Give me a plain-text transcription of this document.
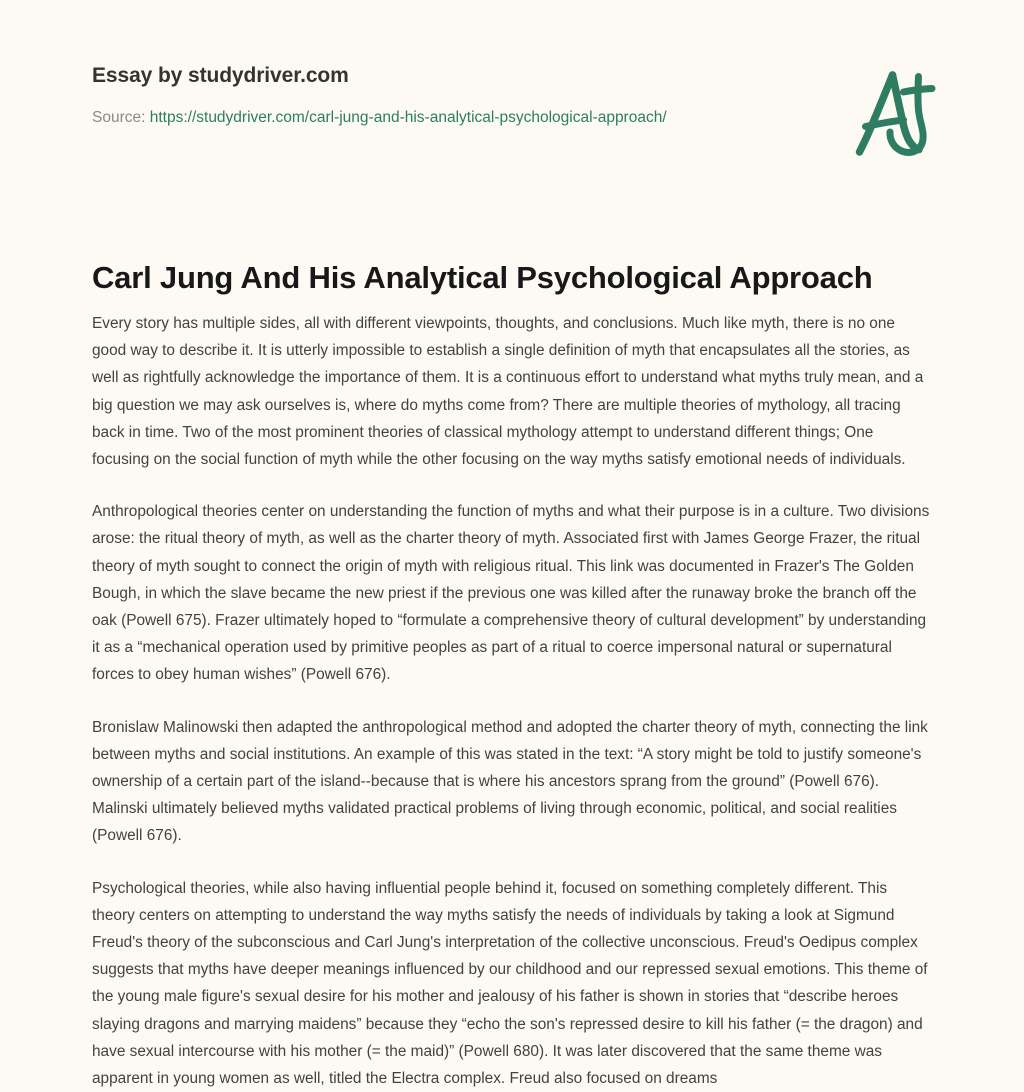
Essay by studydriver.com
Source: https://studydriver.com/carl-jung-and-his-analytical-psychological-approach/
Carl Jung And His Analytical Psychological Approach

Every story has multiple sides, all with different viewpoints, thoughts, and conclusions. Much like myth, there is no one good way to describe it. It is utterly impossible to establish a single definition of myth that encapsulates all the stories, as well as rightfully acknowledge the importance of them. It is a continuous effort to understand what myths truly mean, and a big question we may ask ourselves is, where do myths come from? There are multiple theories of mythology, all tracing back in time. Two of the most prominent theories of classical mythology attempt to understand different things; One focusing on the social function of myth while the other focusing on the way myths satisfy emotional needs of individuals.

Anthropological theories center on understanding the function of myths and what their purpose is in a culture. Two divisions arose: the ritual theory of myth, as well as the charter theory of myth. Associated first with James George Frazer, the ritual theory of myth sought to connect the origin of myth with religious ritual. This link was documented in Frazer's The Golden Bough, in which the slave became the new priest if the previous one was killed after the runaway broke the branch off the oak (Powell 675). Frazer ultimately hoped to “formulate a comprehensive theory of cultural development” by understanding it as a “mechanical operation used by primitive peoples as part of a ritual to coerce impersonal natural or supernatural forces to obey human wishes” (Powell 676).

Bronislaw Malinowski then adapted the anthropological method and adopted the charter theory of myth, connecting the link between myths and social institutions. An example of this was stated in the text: “A story might be told to justify someone's ownership of a certain part of the island--because that is where his ancestors sprang from the ground” (Powell 676). Malinski ultimately believed myths validated practical problems of living through economic, political, and social realities (Powell 676).

Psychological theories, while also having influential people behind it, focused on something completely different. This theory centers on attempting to understand the way myths satisfy the needs of individuals by taking a look at Sigmund Freud's theory of the subconscious and Carl Jung's interpretation of the collective unconscious. Freud's Oedipus complex suggests that myths have deeper meanings influenced by our childhood and our repressed sexual emotions. This theme of the young male figure's sexual desire for his mother and jealousy of his father is shown in stories that “describe heroes slaying dragons and marrying maidens” because they “echo the son's repressed desire to kill his father (= the dragon) and have sexual intercourse with his mother (= the maid)” (Powell 680). It was later discovered that the same theme was apparent in young women as well, titled the Electra complex. Freud also focused on dreams
